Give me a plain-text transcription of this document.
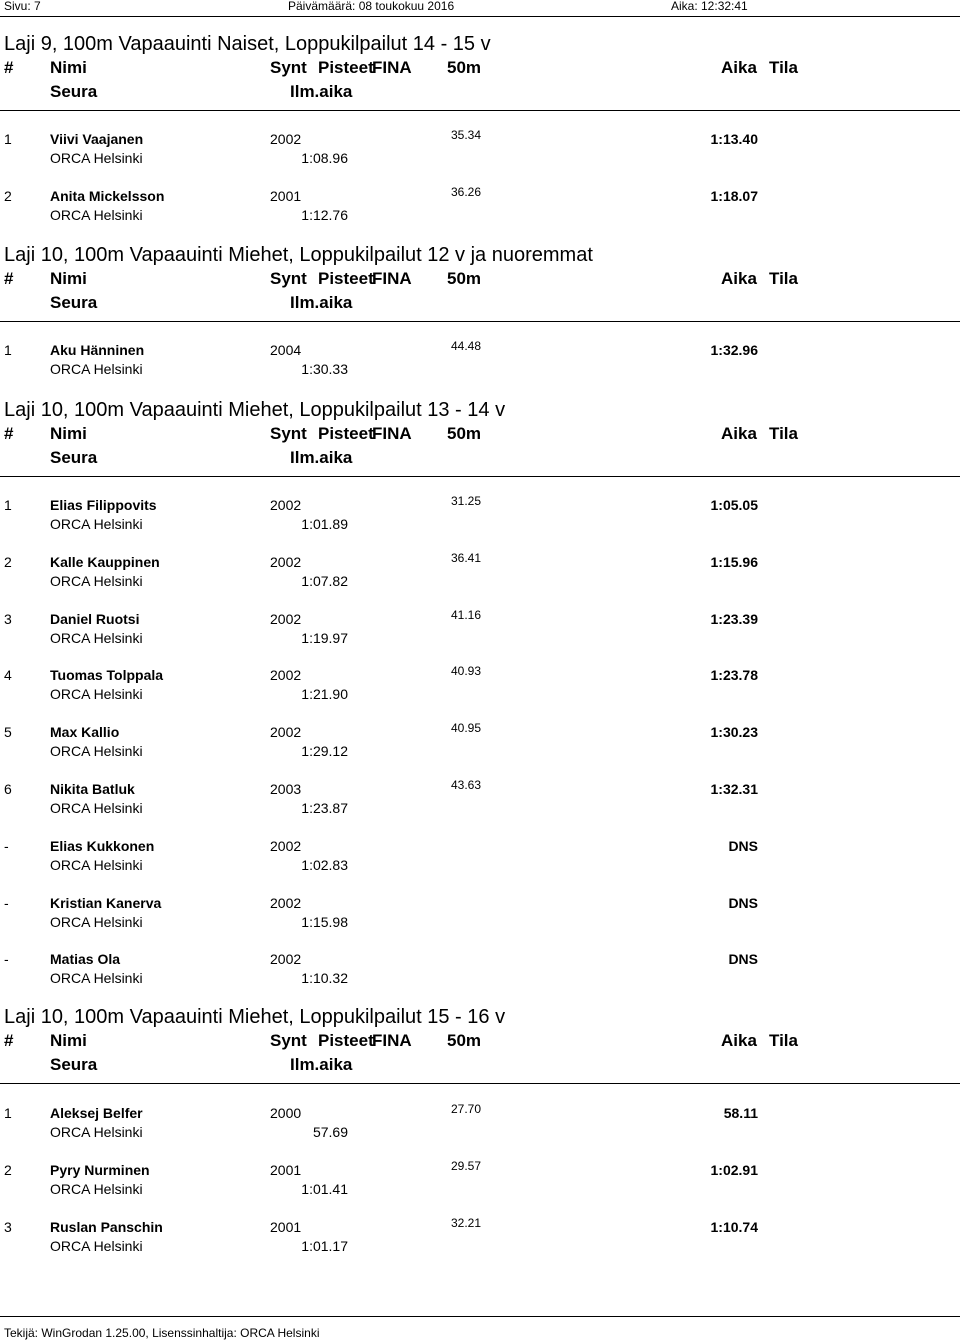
Sivu: 7	Päivämäärä: 08 toukokuu 2016	Aika: 12:32:41
Laji 9, 100m Vapaauinti Naiset, Loppukilpailut 14 - 15 v
# Nimi	Synt Pisteet
FINA 50m	Aika Tila
Seura	Ilm.aika
1	Viivi Vaajanen	2002	35.34	1:13.40
ORCA Helsinki	1:08.96
2	Anita Mickelsson	2001	36.26	1:18.07
ORCA Helsinki	1:12.76
Laji 10, 100m Vapaauinti Miehet, Loppukilpailut 12 v ja nuoremmat
# Nimi	Synt Pisteet
FINA 50m	Aika Tila
Seura	Ilm.aika
1	Aku Hänninen	2004	44.48	1:32.96
ORCA Helsinki	1:30.33
Laji 10, 100m Vapaauinti Miehet, Loppukilpailut 13 - 14 v
# Nimi	Synt Pisteet
FINA 50m	Aika Tila
Seura	Ilm.aika
1	Elias Filippovits	2002	31.25	1:05.05
ORCA Helsinki	1:01.89
2	Kalle Kauppinen	2002	36.41	1:15.96
ORCA Helsinki	1:07.82
3	Daniel Ruotsi	2002	41.16	1:23.39
ORCA Helsinki	1:19.97
4	Tuomas Tolppala	2002	40.93	1:23.78
ORCA Helsinki	1:21.90
5	Max Kallio	2002	40.95	1:30.23
ORCA Helsinki	1:29.12
6	Nikita Batluk	2003	43.63	1:32.31
ORCA Helsinki	1:23.87
-	Elias Kukkonen	2002	DNS
ORCA Helsinki	1:02.83
-	Kristian Kanerva	2002	DNS
ORCA Helsinki	1:15.98
-	Matias Ola	2002	DNS
ORCA Helsinki	1:10.32
Laji 10, 100m Vapaauinti Miehet, Loppukilpailut 15 - 16 v
# Nimi	Synt Pisteet
FINA 50m	Aika Tila
Seura	Ilm.aika
1	Aleksej Belfer	2000	27.70	58.11
ORCA Helsinki	57.69
2	Pyry Nurminen	2001	29.57	1:02.91
ORCA Helsinki	1:01.41
3	Ruslan Panschin	2001	32.21	1:10.74
ORCA Helsinki	1:01.17
Tekijä: WinGrodan 1.25.00, Lisenssinhaltija: ORCA Helsinki
